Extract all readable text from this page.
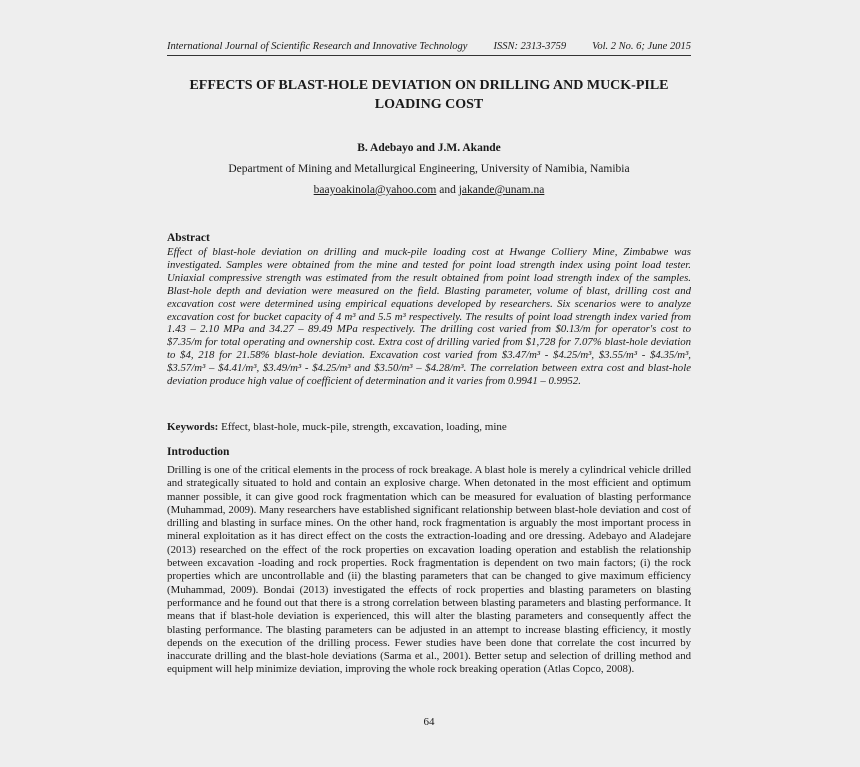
International Journal of Scientific Research and Innovative Technology ISSN: 2313-3759 Vol. 2 No. 6; June 2015
EFFECTS OF BLAST-HOLE DEVIATION ON DRILLING AND MUCK-PILE
LOADING COST
B. Adebayo and J.M. Akande
Department of Mining and Metallurgical Engineering, University of Namibia, Namibia
baayoakinola@yahoo.com and jakande@unam.na
Abstract

Effect of blast-hole deviation on drilling and muck-pile loading cost at Hwange Colliery Mine, Zimbabwe was investigated. Samples were obtained from the mine and tested for point load strength index using point load tester. Uniaxial compressive strength was estimated from the result obtained from point load strength index of the samples. Blast-hole depth and deviation were measured on the field. Blasting parameter, volume of blast, drilling cost and excavation cost were determined using empirical equations developed by researchers. Six scenarios were to analyze excavation cost for bucket capacity of 4 m³ and 5.5 m³ respectively. The results of point load strength index varied from 1.43 – 2.10 MPa and 34.27 – 89.49 MPa respectively. The drilling cost varied from $0.13/m for operator's cost to $7.35/m for total operating and ownership cost. Extra cost of drilling varied from $1,728 for 7.07% blast-hole deviation to $4, 218 for 21.58% blast-hole deviation. Excavation cost varied from $3.47/m³ - $4.25/m³, $3.55/m³ - $4.35/m³, $3.57/m³ – $4.41/m³, $3.49/m³ - $4.25/m³ and $3.50/m³ – $4.28/m³. The correlation between extra cost and blast-hole deviation produce high value of coefficient of determination and it varies from 0.9941 – 0.9952.

Keywords: Effect, blast-hole, muck-pile, strength, excavation, loading, mine
Introduction

Drilling is one of the critical elements in the process of rock breakage. A blast hole is merely a cylindrical vehicle drilled and strategically situated to hold and contain an explosive charge. When detonated in the most efficient and optimum manner possible, it can give good rock fragmentation which can be measured for evaluation of blasting performance (Muhammad, 2009). Many researchers have established significant relationship between blast-hole deviation and cost of drilling and blasting in surface mines. On the other hand, rock fragmentation is arguably the most important process in mineral exploitation as it has direct effect on the costs the extraction-loading and ore dressing. Adebayo and Aladejare (2013) researched on the effect of the rock properties on excavation loading operation and establish the relationship between excavation -loading and rock properties. Rock fragmentation is dependent on two main factors; (i) the rock properties which are uncontrollable and (ii) the blasting parameters that can be changed to give maximum efficiency (Muhammad, 2009). Bondai (2013) investigated the effects of rock properties and blasting parameters on blasting performance and he found out that there is a strong correlation between blasting parameters and blasting performance. It means that if blast-hole deviation is experienced, this will alter the blasting parameters and consequently affect the blasting performance. The blasting parameters can be adjusted in an attempt to increase blasting efficiency, it mostly depends on the execution of the drilling process. Fewer studies have been done that correlate the cost incurred by inaccurate drilling and the blast-hole deviations (Sarma et al., 2001). Better setup and selection of drilling method and equipment will help minimize deviation, improving the whole rock breaking operation (Atlas Copco, 2008).

64
